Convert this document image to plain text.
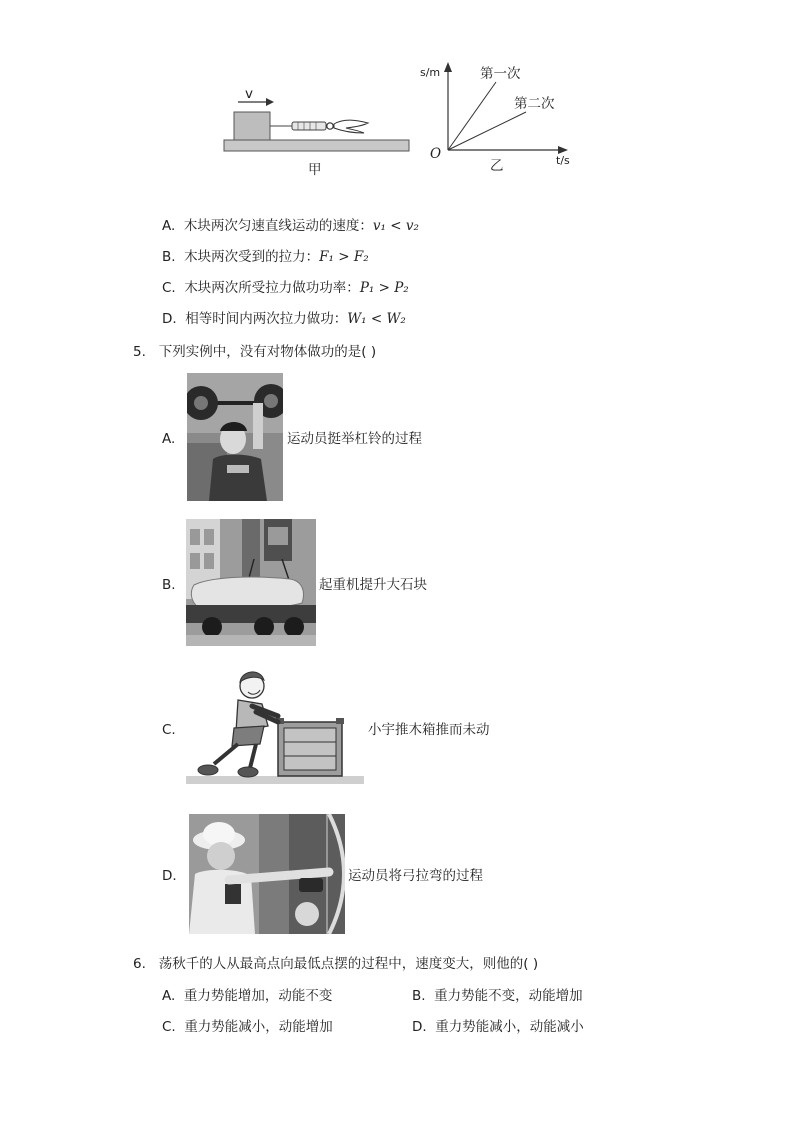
v
甲
s/m
t/s
O
第一次
第二次
乙
A. 木块两次匀速直线运动的速度：v₁ < v₂
B. 木块两次受到的拉力：F₁ > F₂
C. 木块两次所受拉力做功功率：P₁ > P₂
D. 相等时间内两次拉力做功：W₁ < W₂
5. 下列实例中，没有对物体做功的是( )
A.	运动员挺举杠铃的过程
B.	起重机提升大石块
C.	小宇推木箱推而未动
D.	运动员将弓拉弯的过程
6. 荡秋千的人从最高点向最低点摆的过程中，速度变大，则他的( )
A. 重力势能增加，动能不变	B. 重力势能不变，动能增加
C. 重力势能减小，动能增加	D. 重力势能减小，动能减小
